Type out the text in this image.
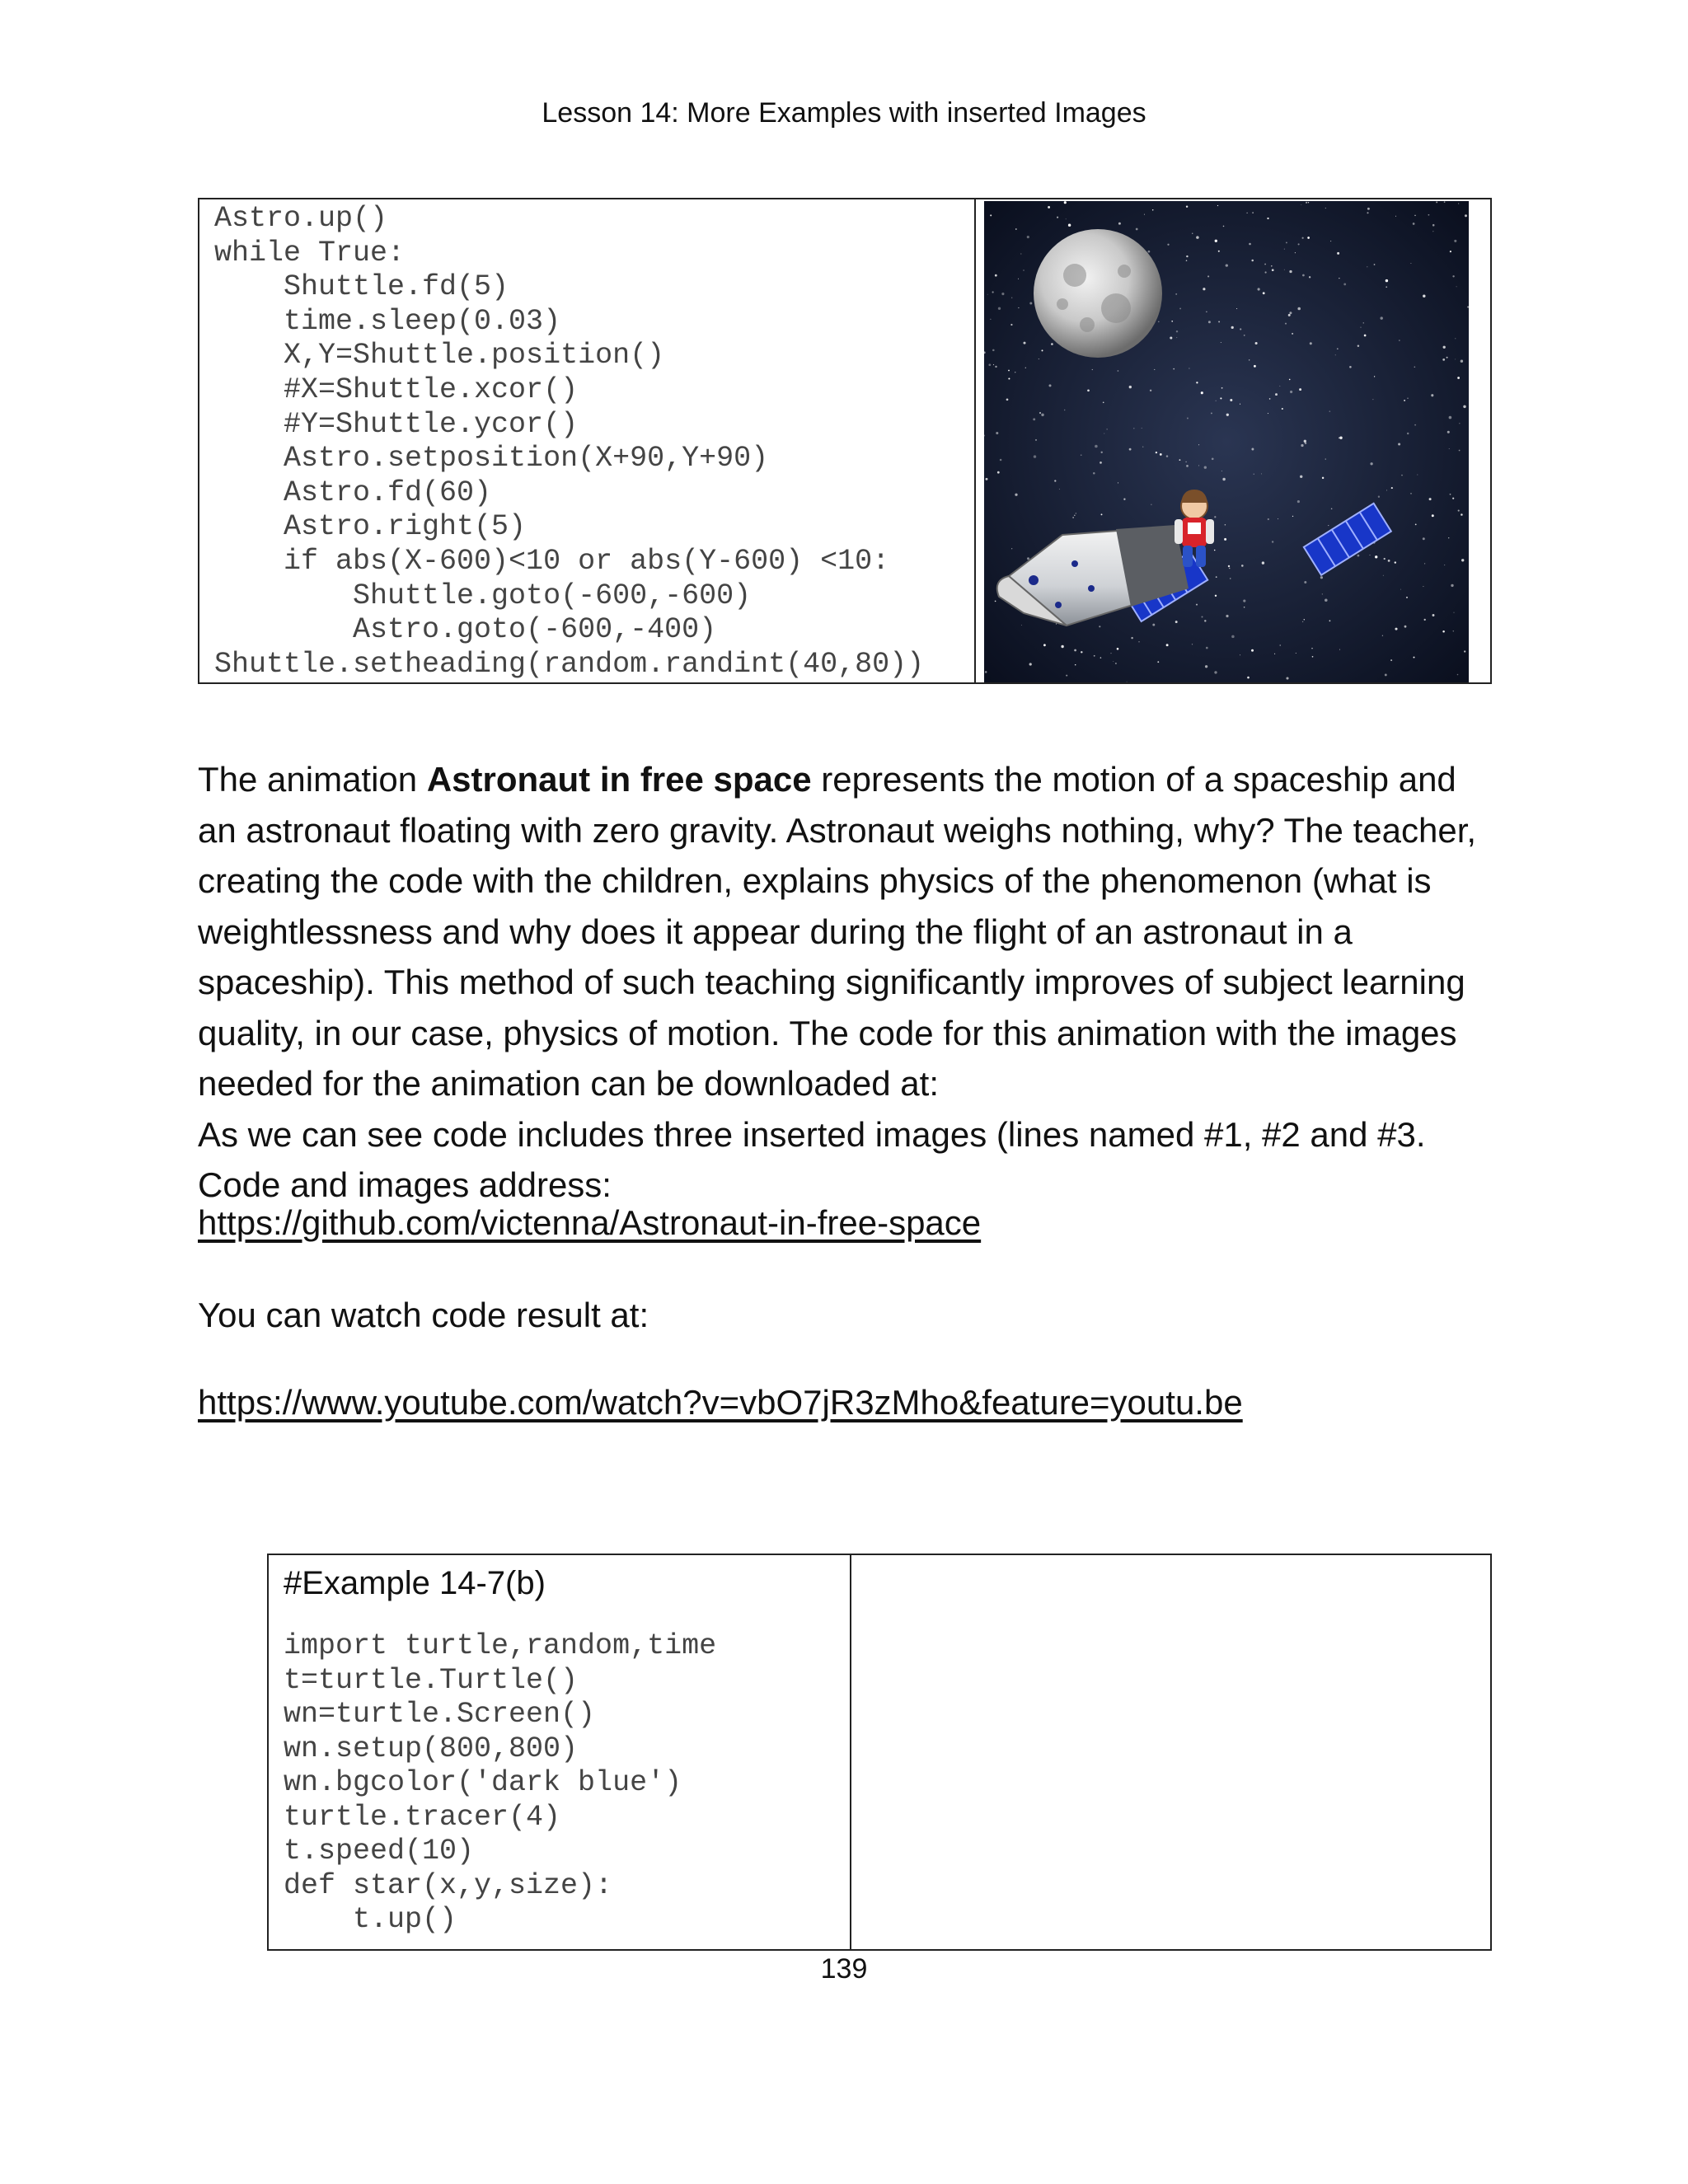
Lesson 14: More Examples with inserted Images
Astro.up()
while True:
Shuttle.fd(5)
time.sleep(0.03)
X,Y=Shuttle.position()
#X=Shuttle.xcor()
#Y=Shuttle.ycor()
Astro.setposition(X+90,Y+90)
Astro.fd(60)
Astro.right(5)
if abs(X-600)<10 or abs(Y-600) <10:
Shuttle.goto(-600,-600)
Astro.goto(-600,-400)
Shuttle.setheading(random.randint(40,80))

The animation Astronaut in free space represents the motion of a spaceship and an astronaut floating with zero gravity. Astronaut weighs nothing, why? The teacher, creating the code with the children, explains physics of the phenomenon (what is weightlessness and why does it appear during the flight of an astronaut in a spaceship). This method of such teaching significantly improves of subject learning quality, in our case, physics of motion. The code for this animation with the images needed for the animation can be downloaded at:

As we can see code includes three inserted images (lines named #1, #2 and #3. Code and images address:

https://github.com/victenna/Astronaut-in-free-space
You can watch code result at:
https://www.youtube.com/watch?v=vbO7jR3zMho&feature=youtu.be
#Example 14-7(b)
import turtle,random,time
t=turtle.Turtle()
wn=turtle.Screen()
wn.setup(800,800)
wn.bgcolor('dark blue')
turtle.tracer(4)
t.speed(10)
def star(x,y,size):
t.up()

139
